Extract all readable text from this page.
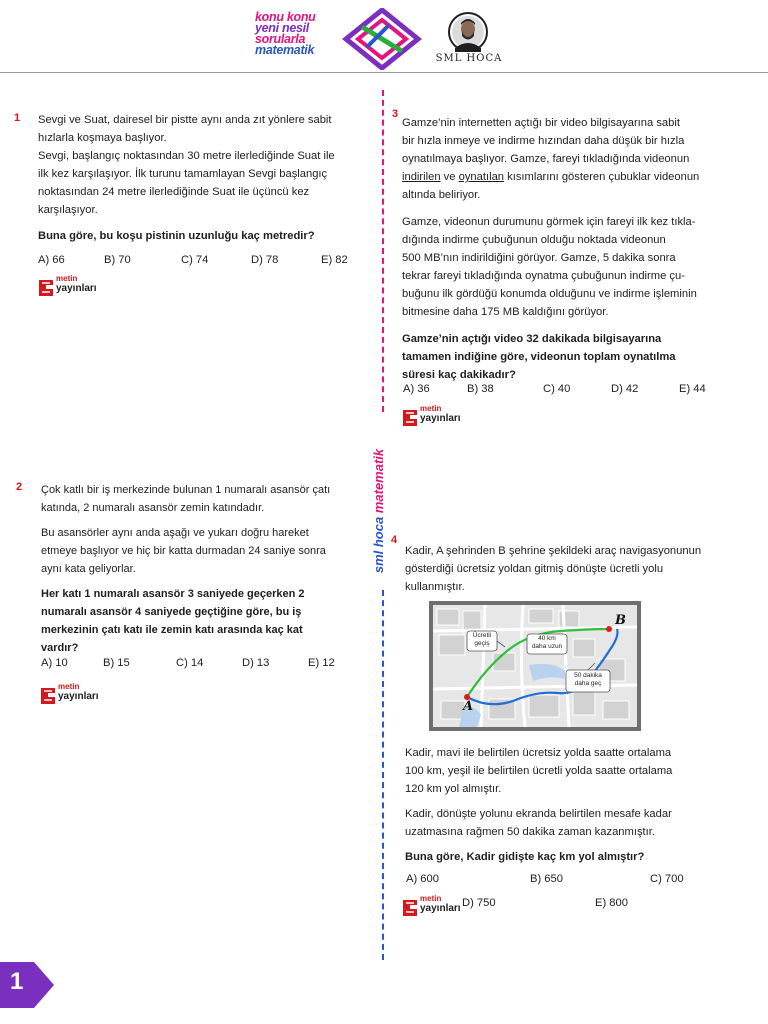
konu konu
yeni nesil
sorularla
matematik
SML HOCA
sml hoca matematik
1 Sevgi ve Suat, dairesel bir pistte aynı anda zıt yönlere sabit
hızlarla koşmaya başlıyor.
Sevgi, başlangıç noktasından 30 metre ilerlediğinde Suat ile
ilk kez karşılaşıyor. İlk turunu tamamlayan Sevgi başlangıç
noktasından 24 metre ilerlediğinde Suat ile üçüncü kez
karşılaşıyor.
Buna göre, bu koşu pistinin uzunluğu kaç metredir?
A) 66	B) 70	C) 74	D) 78	E) 82
metin
yayınları
2 Çok katlı bir iş merkezinde bulunan 1 numaralı asansör çatı
katında, 2 numaralı asansör zemin katındadır.

Bu asansörler aynı anda aşağı ve yukarı doğru hareket
etmeye başlıyor ve hiç bir katta durmadan 24 saniye sonra
aynı kata geliyorlar.

Her katı 1 numaralı asansör 3 saniyede geçerken 2
numaralı asansör 4 saniyede geçtiğine göre, bu iş
merkezinin çatı katı ile zemin katı arasında kaç kat
vardır?

A) 10	B) 15	C) 14	D) 13	E) 12
metin
yayınları
3

Gamze’nin internetten açtığı bir video bilgisayarına sabit
bir hızla inmeye ve indirme hızından daha düşük bir hızla
oynatılmaya başlıyor. Gamze, fareyi tıkladığında videonun
indirilen ve oynatılan kısımlarını gösteren çubuklar videonun
altında beliriyor.

Gamze, videonun durumunu görmek için fareyi ilk kez tıkla-
dığında indirme çubuğunun olduğu noktada videonun
500 MB’nın indirildiğini görüyor. Gamze, 5 dakika sonra
tekrar fareyi tıkladığında oynatma çubuğunun indirme çu-
buğunu ilk gördüğü konumda olduğunu ve indirme işleminin
bitmesine daha 175 MB kaldığını görüyor.

Gamze’nin açtığı video 32 dakikada bilgisayarına
tamamen indiğine göre, videonun toplam oynatılma
süresi kaç dakikadır?

A) 36	B) 38	C) 40	D) 42	E) 44
metin
yayınları
4
Kadir, A şehrinden B şehrine şekildeki araç navigasyonunun
gösterdiği ücretsiz yoldan gitmiş dönüşte ücretli yolu
kullanmıştır.
A
B
Ücretli
geçiş
40 km
daha uzun
50 dakika
daha geç

Kadir, mavi ile belirtilen ücretsiz yolda saatte ortalama
100 km, yeşil ile belirtilen ücretli yolda saatte ortalama
120 km yol almıştır.

Kadir, dönüşte yolunu ekranda belirtilen mesafe kadar
uzatmasına rağmen 50 dakika zaman kazanmıştır.

Buna göre, Kadir gidişte kaç km yol almıştır?

A) 600	B) 650	C) 700
metin
yayınları D) 750	E) 800
1
